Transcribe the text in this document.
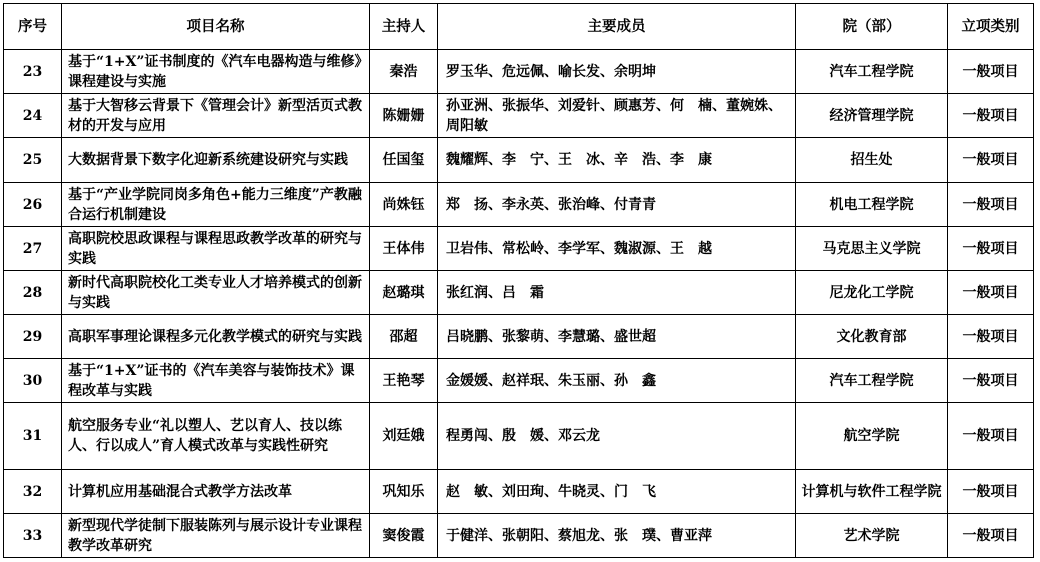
序号	项目名称	主持人	主要成员	院（部）	立项类别
23	基于“1+X”证书制度的《汽车电器构造与维修》课程建设与实施	秦浩	罗玉华、危远佩、喻长发、余明坤	汽车工程学院	一般项目
24	基于大智移云背景下《管理会计》新型活页式教材的开发与应用	陈姗姗	孙亚洲、张振华、刘爱针、顾惠芳、何　楠、董婉姝、周阳敏	经济管理学院	一般项目
25	大数据背景下数字化迎新系统建设研究与实践	任国玺	魏耀辉、李　宁、王　冰、辛　浩、李　康	招生处	一般项目
26	基于“产业学院同岗多角色+能力三维度”产教融合运行机制建设	尚姝钰	郑　扬、李永英、张治峰、付青青	机电工程学院	一般项目
27	高职院校思政课程与课程思政教学改革的研究与实践	王体伟	卫岩伟、常松岭、李学军、魏淑源、王　越	马克思主义学院	一般项目
28	新时代高职院校化工类专业人才培养模式的创新与实践	赵璐琪	张红润、吕　霜	尼龙化工学院	一般项目
29	高职军事理论课程多元化教学模式的研究与实践	邵超	吕晓鹏、张黎萌、李慧璐、盛世超	文化教育部	一般项目
30	基于“1+X”证书的《汽车美容与装饰技术》课程改革与实践	王艳琴	金媛媛、赵祥珉、朱玉丽、孙　鑫	汽车工程学院	一般项目
31	航空服务专业“礼以塑人、艺以育人、技以练人、行以成人”育人模式改革与实践性研究	刘廷娥	程勇闯、殷　媛、邓云龙	航空学院	一般项目
32	计算机应用基础混合式教学方法改革	巩知乐	赵　敏、刘田珣、牛晓灵、门　飞	计算机与软件工程学院	一般项目
33	新型现代学徒制下服装陈列与展示设计专业课程教学改革研究	窦俊霞	于健洋、张朝阳、蔡旭龙、张　璞、曹亚萍	艺术学院	一般项目
